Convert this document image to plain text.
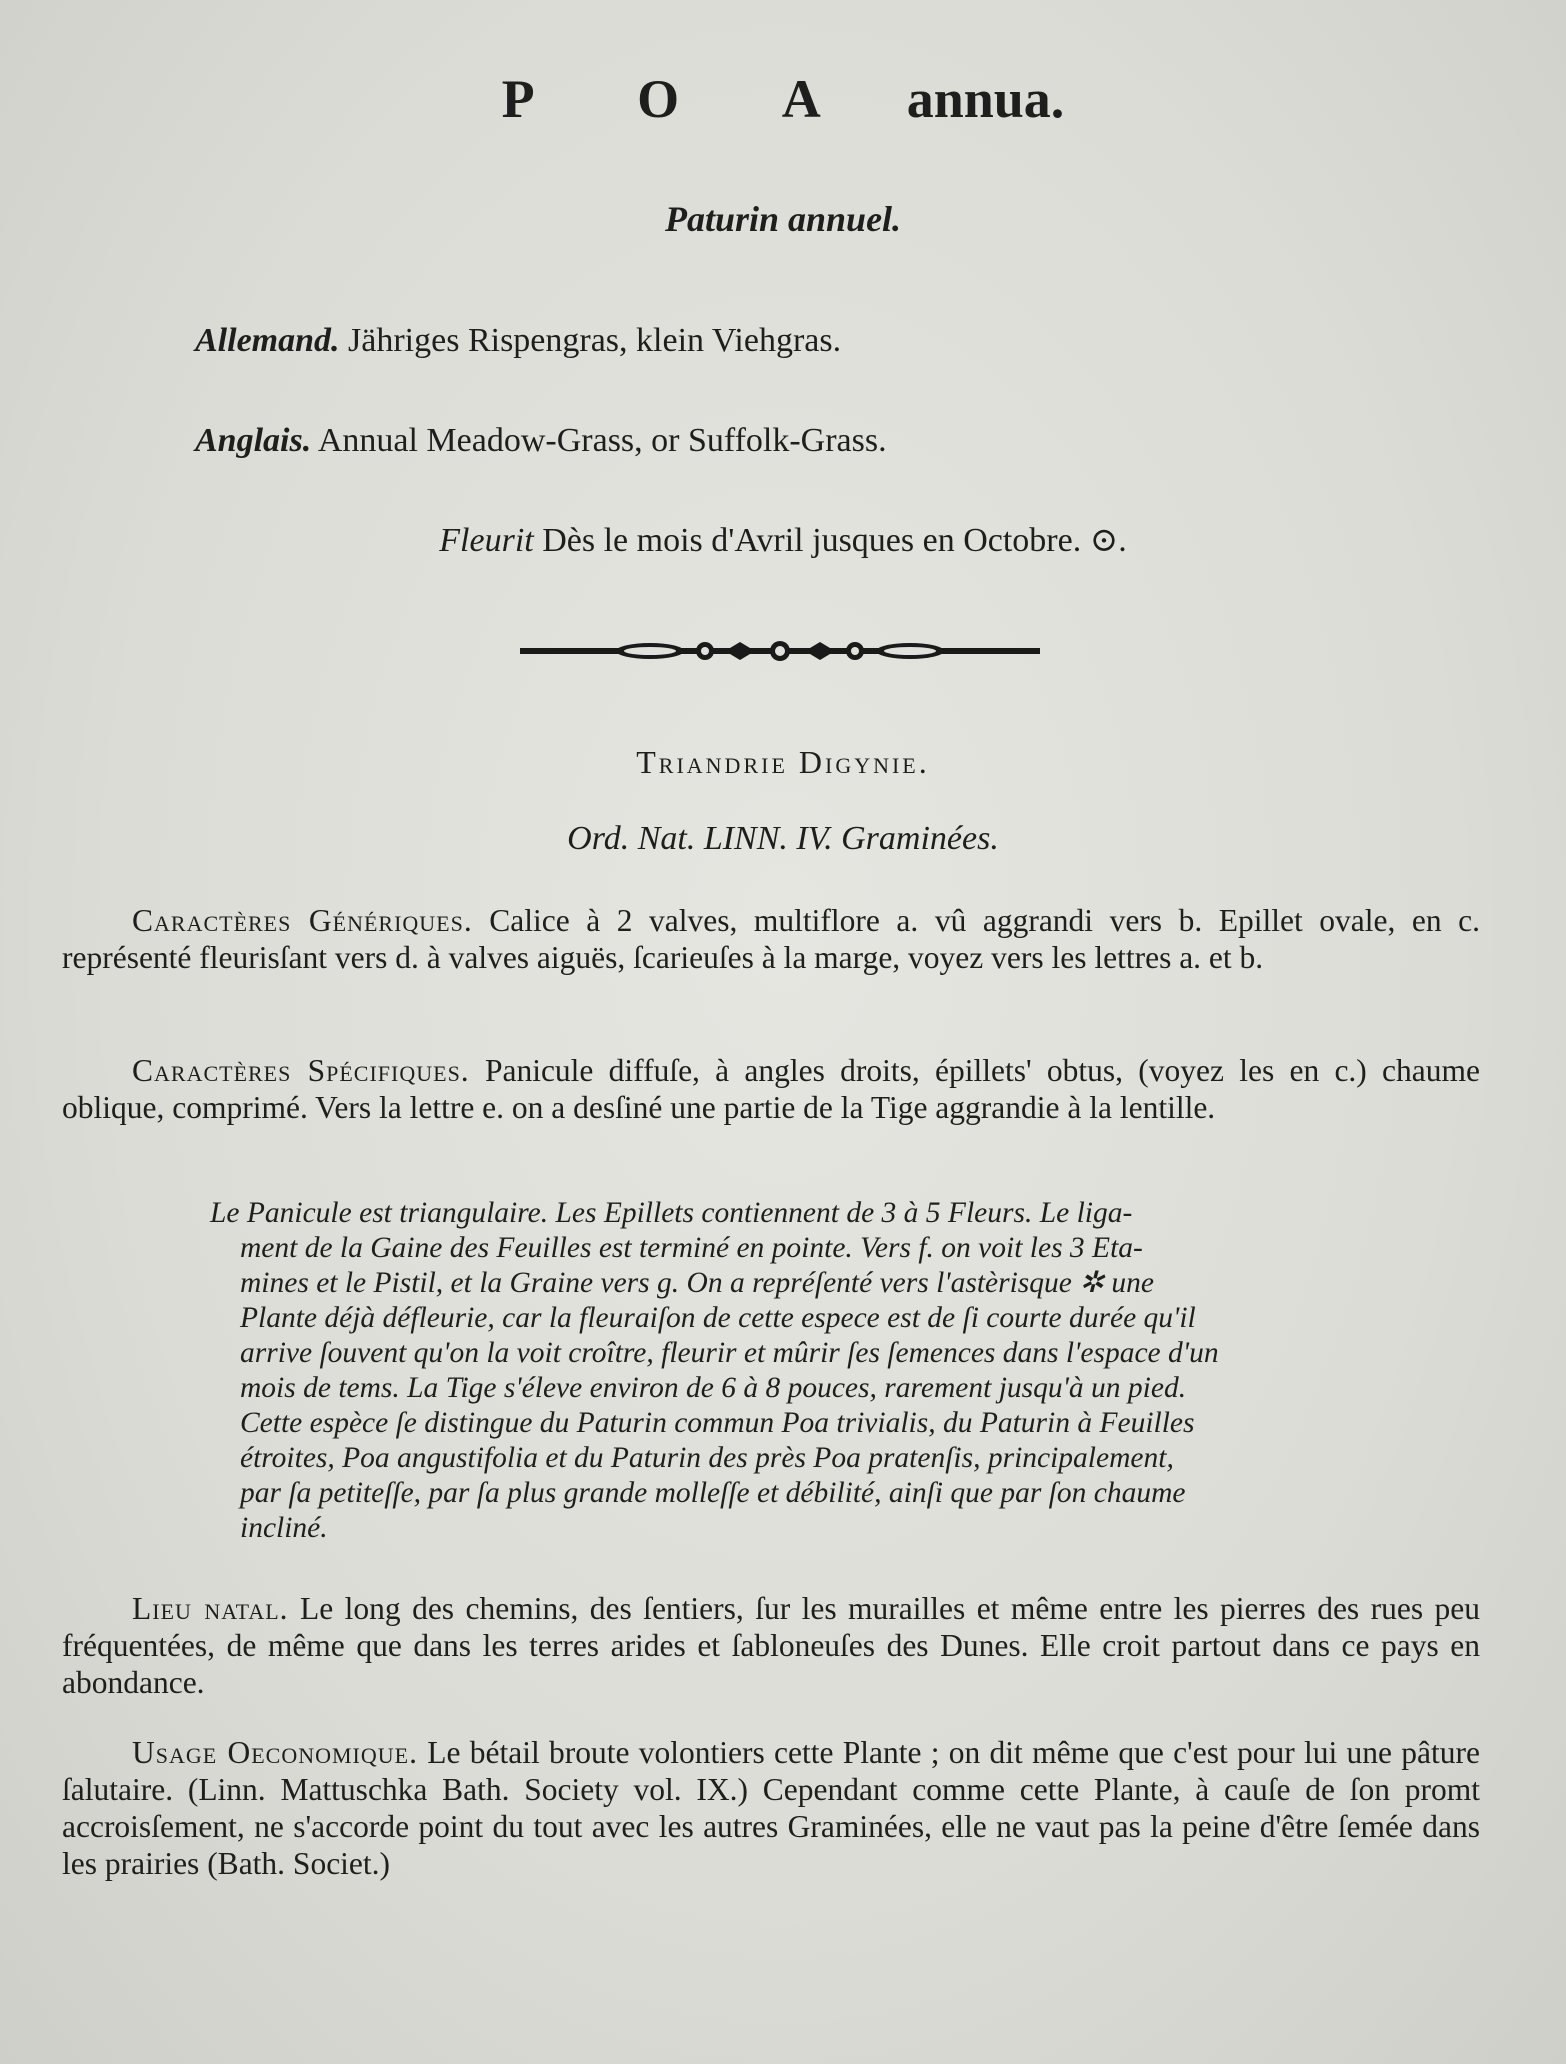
P O A annua.
Paturin annuel.
Allemand. Jähriges Rispengras, klein Viehgras.
Anglais. Annual Meadow-Grass, or Suffolk-Grass.
Fleurit Dès le mois d'Avril jusques en Octobre. ⊙.
Triandrie Digynie.
Ord. Nat. LINN. IV. Graminées.
Caractères Génériques. Calice à 2 valves, multiflore a. vû aggrandi vers b. Epillet ovale, en c. représenté fleurisſant vers d. à valves aiguës, ſcarieuſes à la marge, voyez vers les lettres a. et b.
Caractères Spécifiques. Panicule diffuſe, à angles droits, épillets' obtus, (voyez les en c.) chaume oblique, comprimé. Vers la lettre e. on a desſiné une partie de la Tige aggrandie à la lentille.
Le Panicule est triangulaire. Les Epillets contiennent de 3 à 5 Fleurs. Le liga-
ment de la Gaine des Feuilles est terminé en pointe. Vers f. on voit les 3 Eta-
mines et le Pistil, et la Graine vers g. On a repréſenté vers l'astèrisque ✲ une
Plante déjà défleurie, car la fleuraiſon de cette espece est de ſi courte durée qu'il
arrive ſouvent qu'on la voit croître, fleurir et mûrir ſes ſemences dans l'espace d'un
mois de tems. La Tige s'éleve environ de 6 à 8 pouces, rarement jusqu'à un pied.
Cette espèce ſe distingue du Paturin commun Poa trivialis, du Paturin à Feuilles
étroites, Poa angustifolia et du Paturin des près Poa pratenſis, principalement,
par ſa petiteſſe, par ſa plus grande molleſſe et débilité, ainſi que par ſon chaume
incliné.
Lieu natal. Le long des chemins, des ſentiers, ſur les murailles et même entre les pierres des rues peu fréquentées, de même que dans les terres arides et ſabloneuſes des Dunes. Elle croit partout dans ce pays en abondance.
Usage Oeconomique. Le bétail broute volontiers cette Plante ; on dit même que c'est pour lui une pâture ſalutaire. (Linn. Mattuschka Bath. Society vol. IX.) Cependant comme cette Plante, à cauſe de ſon promt accroisſement, ne s'accorde point du tout avec les autres Graminées, elle ne vaut pas la peine d'être ſemée dans les prairies (Bath. Societ.)
